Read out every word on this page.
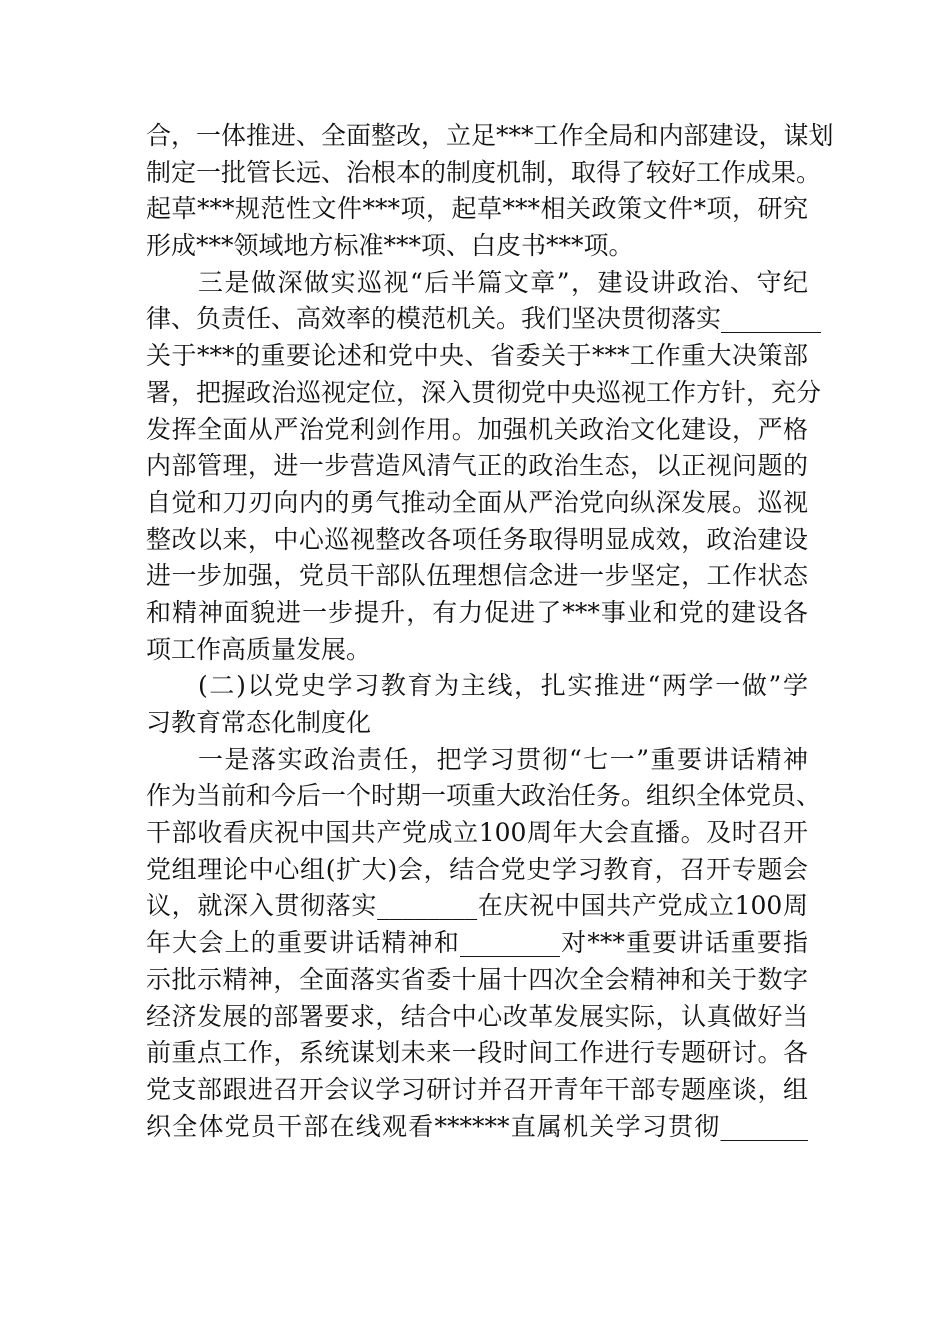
合，一体推进、全面整改，立足***工作全局和内部建设，谋划
制定一批管长远、治根本的制度机制，取得了较好工作成果。
起草***规范性文件***项，起草***相关政策文件*项，研究
形成***领域地方标准***项、白皮书***项。
三是做深做实巡视“后半篇文章”，建设讲政治、守纪
律、负责任、高效率的模范机关。我们坚决贯彻落实________
关于***的重要论述和党中央、省委关于***工作重大决策部
署，把握政治巡视定位，深入贯彻党中央巡视工作方针，充分
发挥全面从严治党利剑作用。加强机关政治文化建设，严格
内部管理，进一步营造风清气正的政治生态，以正视问题的
自觉和刀刃向内的勇气推动全面从严治党向纵深发展。巡视
整改以来，中心巡视整改各项任务取得明显成效，政治建设
进一步加强，党员干部队伍理想信念进一步坚定，工作状态
和精神面貌进一步提升，有力促进了***事业和党的建设各
项工作高质量发展。
(二)以党史学习教育为主线，扎实推进“两学一做”学
习教育常态化制度化
一是落实政治责任，把学习贯彻“七一”重要讲话精神
作为当前和今后一个时期一项重大政治任务。组织全体党员、
干部收看庆祝中国共产党成立100周年大会直播。及时召开
党组理论中心组(扩大)会，结合党史学习教育，召开专题会
议，就深入贯彻落实________在庆祝中国共产党成立100周
年大会上的重要讲话精神和________对***重要讲话重要指
示批示精神，全面落实省委十届十四次全会精神和关于数字
经济发展的部署要求，结合中心改革发展实际，认真做好当
前重点工作，系统谋划未来一段时间工作进行专题研讨。各
党支部跟进召开会议学习研讨并召开青年干部专题座谈，组
织全体党员干部在线观看******直属机关学习贯彻_______
